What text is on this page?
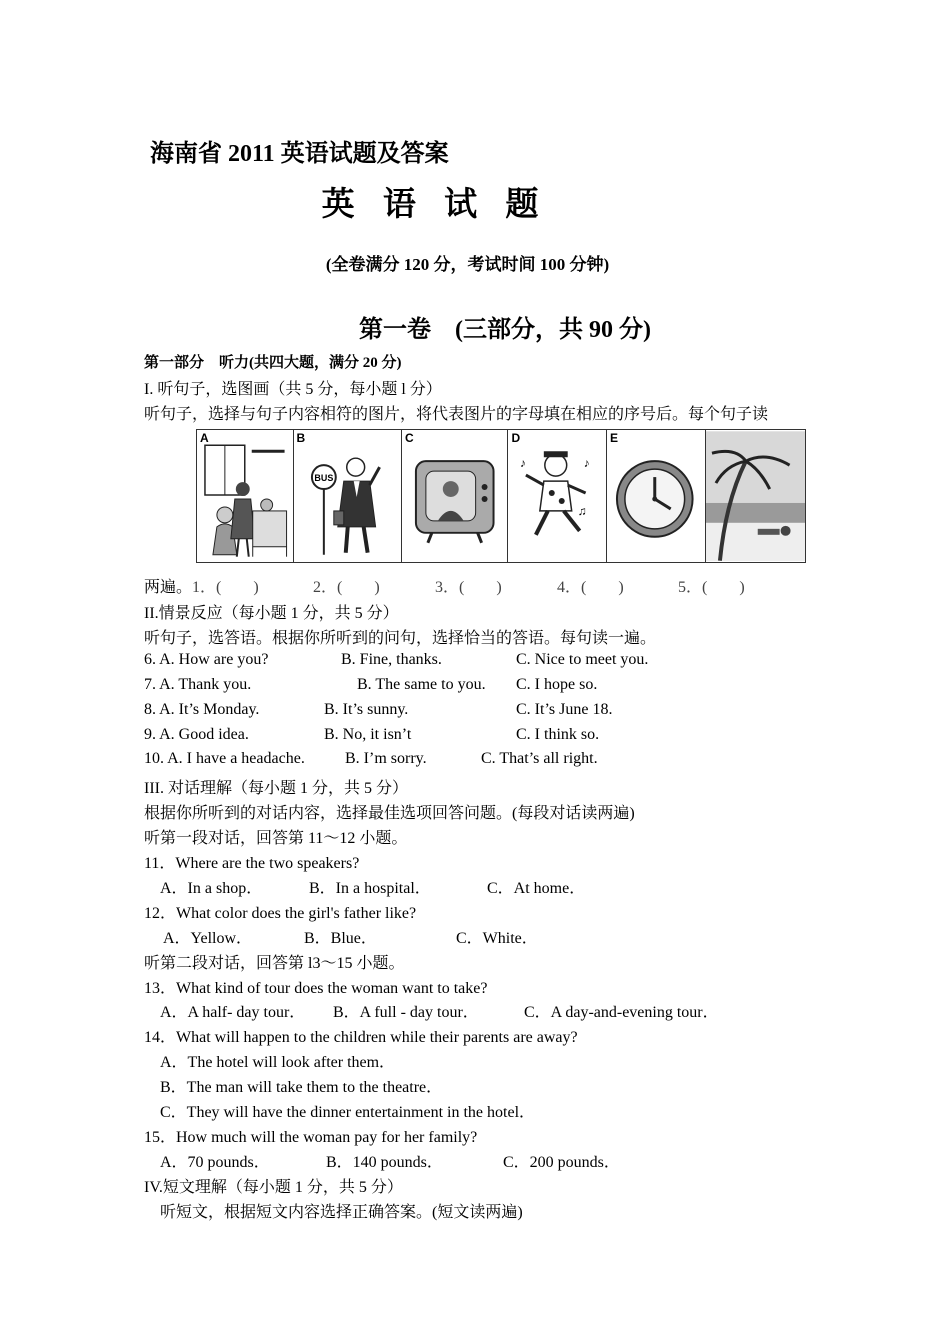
海南省 2011 英语试题及答案
英 语 试 题
(全卷满分 120 分，考试时间 100 分钟)
第一卷　(三部分，共 90 分)
第一部分　听力(共四大题，满分 20 分)
I. 听句子，选图画（共 5 分，每小题 l 分）
听句子，选择与句子内容相符的图片，将代表图片的字母填在相应的序号后。每个句子读
A	B
BUS
C	D
♪	♪
♫
E
两遍。 1．(　　)	2．(　　)	3．(　　)	4．(　　)	5．(　　)
II.情景反应（每小题 1 分，共 5 分）
听句子，选答语。根据你所听到的问句，选择恰当的答语。每句读一遍。
6. A. How are you?	B. Fine, thanks.	C. Nice to meet you.
7. A. Thank you.	B. The same to you. C. I hope so.
8. A. It’s Monday.	B. It’s sunny.	C. It’s June 18.
9. A. Good idea.	B. No, it isn’t	C. I think so.
10. A. I have a headache.	B. I’m sorry.	C. That’s all right.
III. 对话理解（每小题 1 分，共 5 分）
根据你所听到的对话内容，选择最佳选项回答问题。(每段对话读两遍)
听第一段对话，回答第 11～12 小题。
11．Where are the two speakers?
A．In a shop．	B．In a hospital．	C．At home．
12．What color does the girl's father like?
A．Yellow．	B．Blue．	C．White．
听第二段对话，回答第 l3～15 小题。
13．What kind of tour does the woman want to take?
A．A half- day tour． B．A full - day tour．	C．A day-and-evening tour．
14．What will happen to the children while their parents are away?
A．The hotel will look after them．
B．The man will take them to the theatre．
C．They will have the dinner entertainment in the hotel．
15．How much will the woman pay for her family?
A．70 pounds．	B．140 pounds．	C．200 pounds．
IV.短文理解（每小题 1 分，共 5 分）
听短文，根据短文内容选择正确答案。(短文读两遍)
